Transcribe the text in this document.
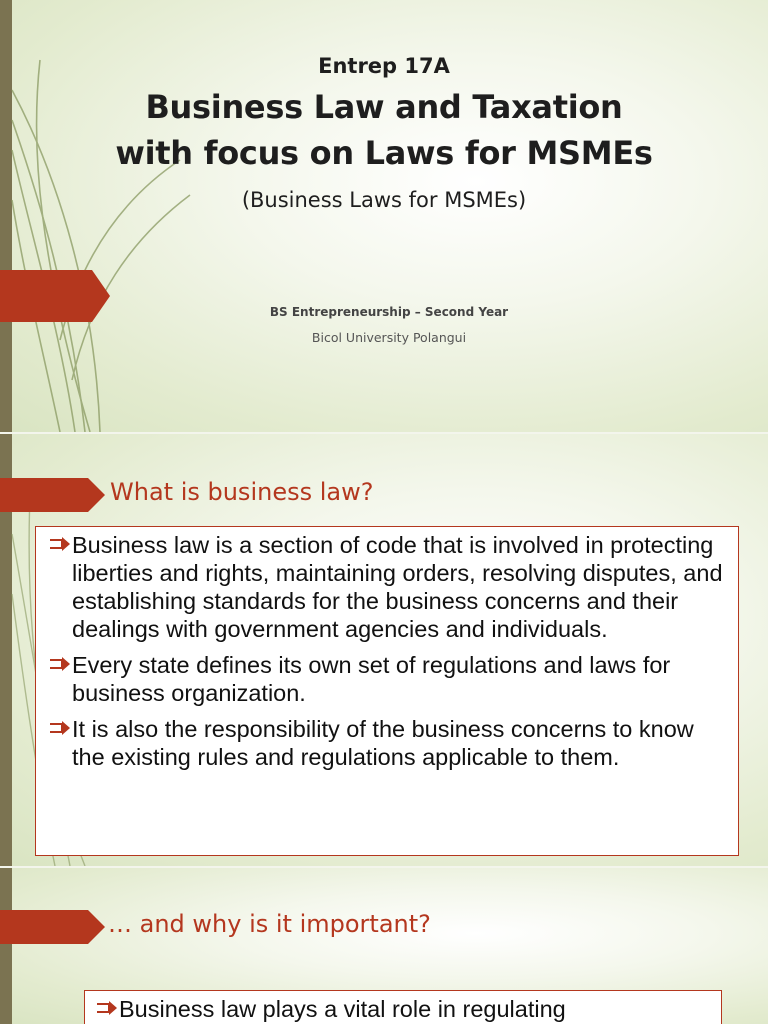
Entrep 17A
Business Law and Taxation
with focus on Laws for MSMEs
(Business Laws for MSMEs)
BS Entrepreneurship – Second Year
Bicol University Polangui
What is business law?
Business law is a section of code that is involved in protecting liberties and rights, maintaining orders, resolving disputes, and establishing standards for the business concerns and their dealings with government agencies and individuals.
Every state defines its own set of regulations and laws for business organization.
It is also the responsibility of the business concerns to know the existing rules and regulations applicable to them.
… and why is it important?
Business law plays a vital role in regulating
